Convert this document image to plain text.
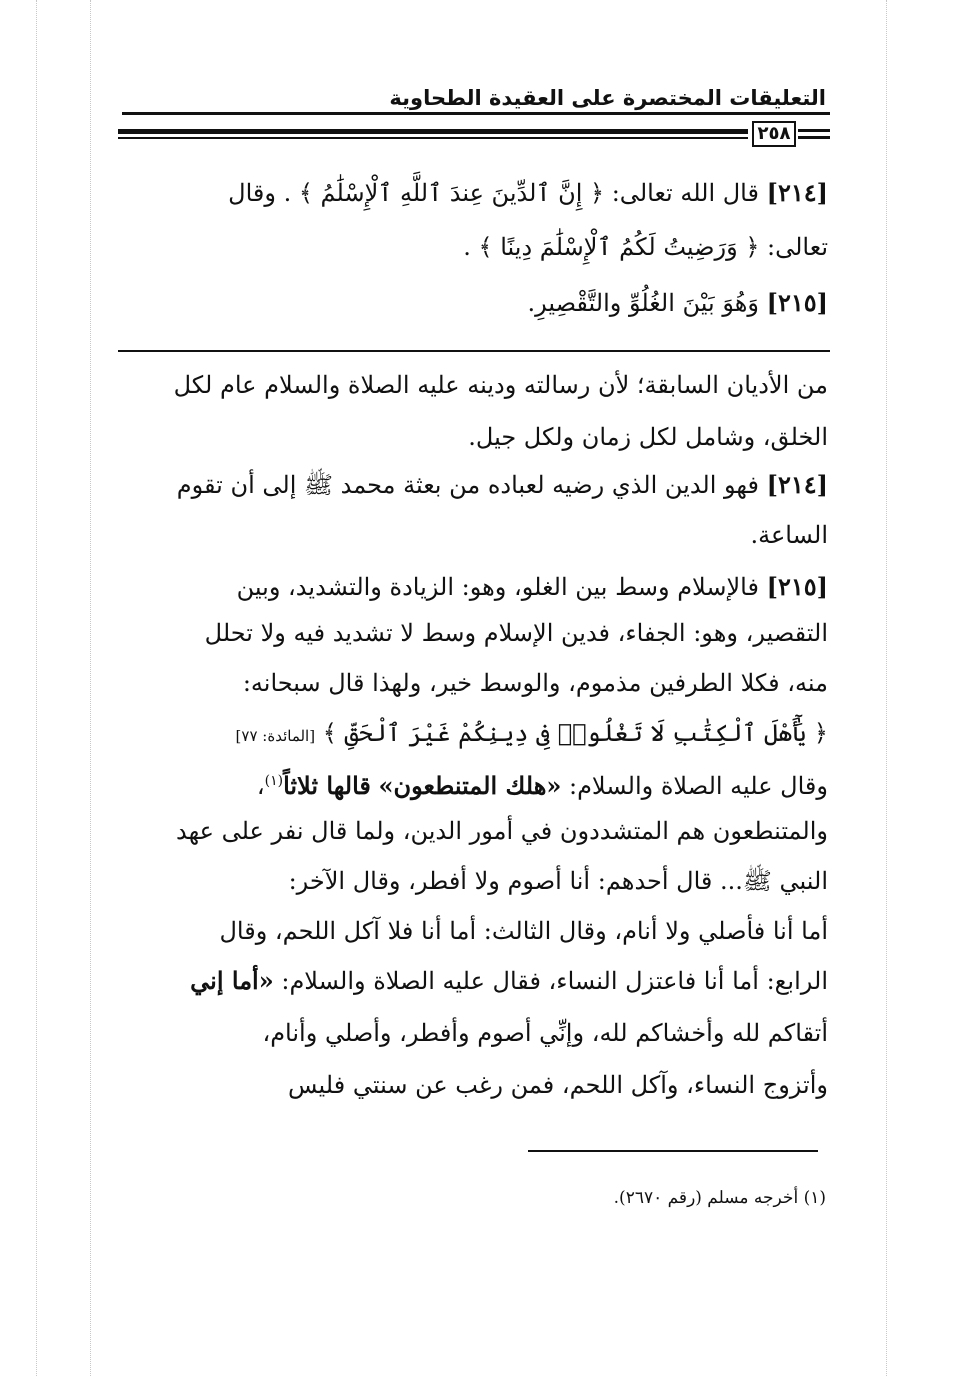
التعليقات المختصرة على العقيدة الطحاوية
٢٥٨
[٢١٤] قال الله تعالى: ﴿ إِنَّ ٱلدِّينَ عِندَ ٱللَّهِ ٱلْإِسْلَٰمُ ﴾ . وقال
تعالى: ﴿ وَرَضِيتُ لَكُمُ ٱلْإِسْلَٰمَ دِينًا ﴾ .
[٢١٥] وَهُوَ بَيْنَ الغُلُوِّ والتَّقْصِيرِ.
من الأديان السابقة؛ لأن رسالته ودينه عليه الصلاة والسلام عام لكل
الخلق، وشامل لكل زمان ولكل جيل.
[٢١٤] فهو الدين الذي رضيه لعباده من بعثة محمد ﷺ إلى أن تقوم
الساعة.
[٢١٥] فالإسلام وسط بين الغلو، وهو: الزيادة والتشديد، وبين
التقصير، وهو: الجفاء، فدين الإسلام وسط لا تشديد فيه ولا تحلل
منه، فكلا الطرفين مذموم، والوسط خير، ولهذا قال سبحانه:
﴿ يَٰٓأَهْلَ ٱلْكِتَٰبِ لَا تَغْلُوا۟ فِى دِينِكُمْ غَيْرَ ٱلْحَقِّ ﴾ [المائدة: ٧٧]
وقال عليه الصلاة والسلام: «هلك المتنطعون» قالها ثلاثاً$^{(١)}$،
والمتنطعون هم المتشددون في أمور الدين، ولما قال نفر على عهد
النبي ﷺ... قال أحدهم: أنا أصوم ولا أفطر، وقال الآخر:
أما أنا فأصلي ولا أنام، وقال الثالث: أما أنا فلا آكل اللحم، وقال
الرابع: أما أنا فاعتزل النساء، فقال عليه الصلاة والسلام: «أما إني
أتقاكم لله وأخشاكم لله، وإنِّي أصوم وأفطر، وأصلي وأنام،
وأتزوج النساء، وآكل اللحم، فمن رغب عن سنتي فليس
(١) أخرجه مسلم (رقم ٢٦٧٠).
